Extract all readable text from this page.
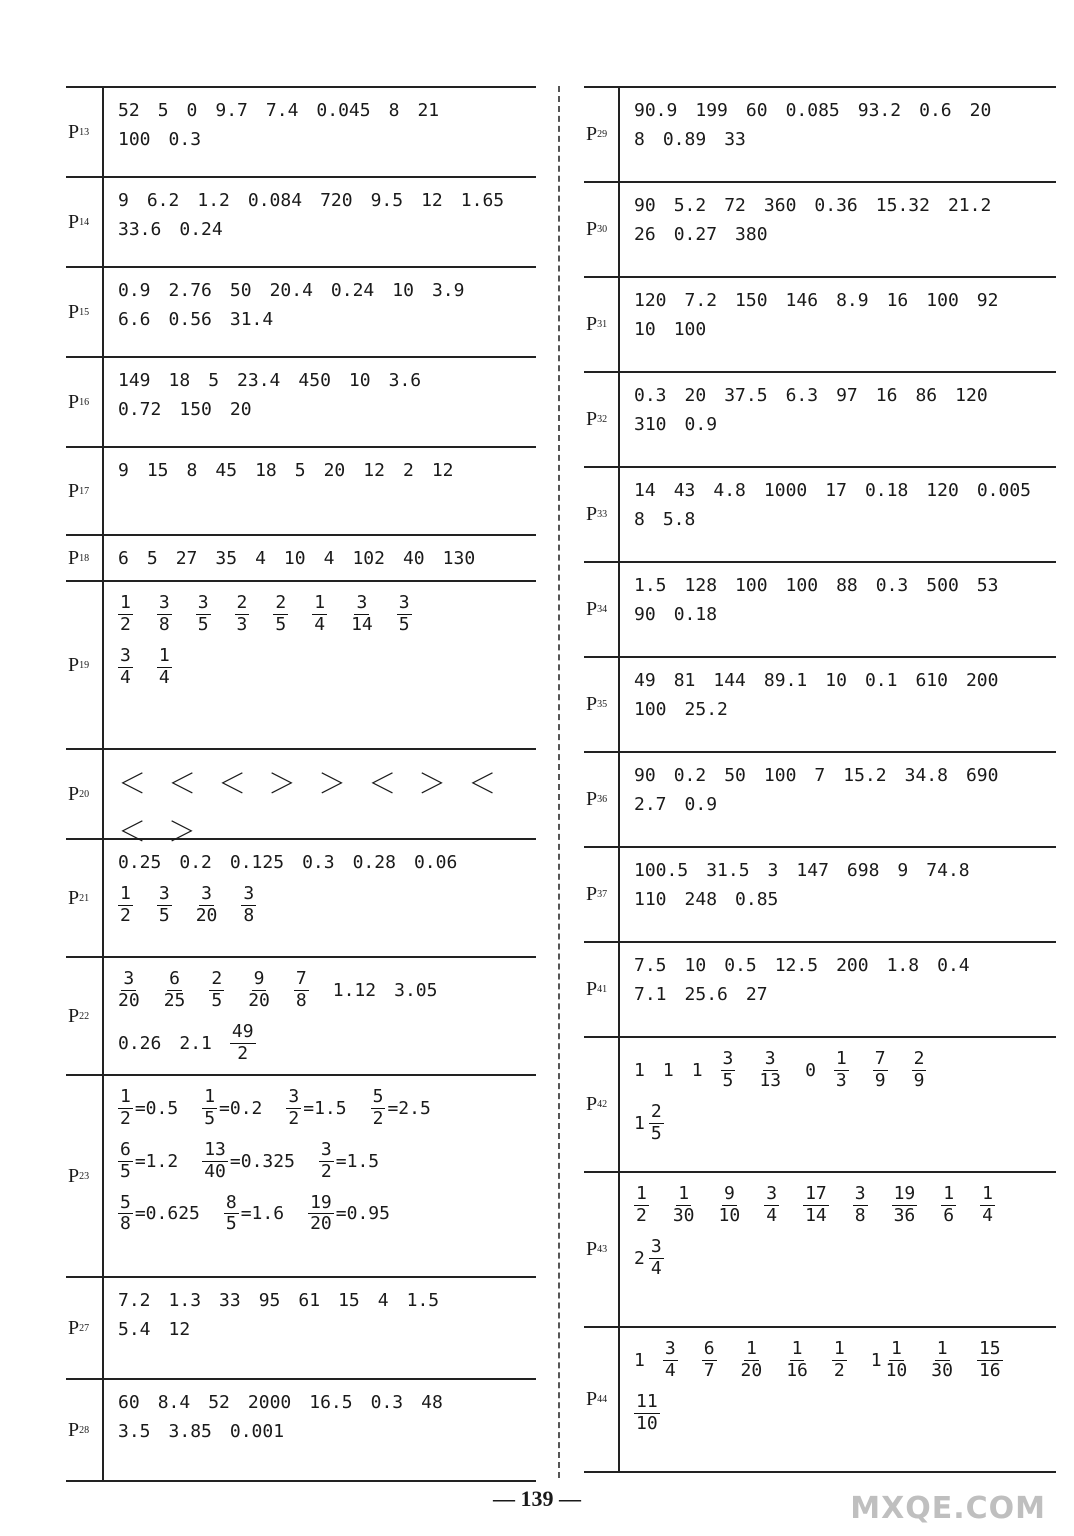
P 13
52 5 0 9.7 7.4 0.045 8 21
100 0.3
P 14
9 6.2 1.2 0.084 720 9.5 12 1.65
33.6 0.24
P 15
0.9 2.76 50 20.4 0.24 10 3.9
6.6 0.56 31.4
P 16
149 18 5 23.4 450 10 3.6
0.72 150 20
P 17
9 15 8 45 18 5 20 12 2 12
P 18 6 5 27 35 4 10 4 102 40 130
P 19
$\frac{1}{2} \frac{3}{8} \frac{3}{5} \frac{2}{3} \frac{2}{5} \frac{1}{4} \frac{3}{14} \frac{3}{5}$
$\frac{3}{4} \frac{1}{4}$
P 20 ＜ ＜ ＜ ＞ ＞ ＜ ＞ ＜
＜ ＞
P 21
0.25 0.2 0.125 0.3 0.28 0.06
$\frac{1}{2} \frac{3}{5} \frac{3}{20} \frac{3}{8}$
P 22
$\frac{3}{20} \frac{6}{25} \frac{2}{5} \frac{9}{20} \frac{7}{8} 1.12$ 3.05
0.26 $2.1 \frac{49}{2}$
P 23
$\frac{1}{2} =0.5 \frac{1}{5} =0.2 \frac{3}{2} =1.5 \frac{5}{2} =2.5$
$\frac{6}{5} =1.2 \frac{13}{40} =0.325 \frac{3}{2} =1.5$
$\frac{5}{8} =0.625 \frac{8}{5} =1.6 \frac{19}{20} =0.95$
P 27
7.2 1.3 33 95 61 15 4 1.5
5.4 12
P 28
60 8.4 52 2000 16.5 0.3 48
3.5 3.85 0.001
P 29
90.9 199 60 0.085 93.2 0.6 20
8 0.89 33
P 30
90 5.2 72 360 0.36 15.32 21.2
26 0.27 380
P 31
120 7.2 150 146 8.9 16 100 92
10 100
P 32
0.3 20 37.5 6.3 97 16 86 120
310 0.9
P 33
14 43 4.8 1000 17 0.18 120 0.005
8 5.8
P 34
1.5 128 100 100 88 0.3 500 53
90 0.18
P 35
49 81 144 89.1 10 0.1 610 200
100 25.2
P 36
90 0.2 50 100 7 15.2 34.8 690
2.7 0.9
P 37
100.5 31.5 3 147 698 9 74.8
110 248 0.85
P 41
7.5 10 0.5 12.5 200 1.8 0.4
7.1 25.6 27
P 42
1 1 $1 \frac{3}{5} \frac{3}{13} 0 \frac{1}{3} \frac{7}{9} \frac{2}{9}$
$1 \frac{2}{5}$
P 43
$\frac{1}{2} \frac{1}{30} \frac{9}{10} \frac{3}{4} \frac{17}{14} \frac{3}{8} \frac{19}{36} \frac{1}{6} \frac{1}{4}$
$2 \frac{3}{4}$
P 44
$1 \frac{3}{4} \frac{6}{7} \frac{1}{20} \frac{1}{16} \frac{1}{2} 1 \frac{1}{10} \frac{1}{30} \frac{15}{16}$
$\frac{11}{10}$
— 139 —	MXQE.COM
